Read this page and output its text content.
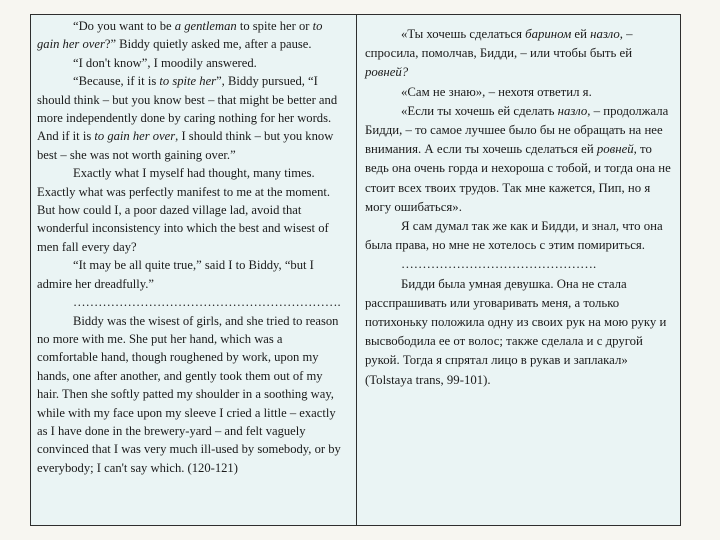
“Do you want to be a gentleman to spite her or to gain her over?” Biddy quietly asked me, after a pause.

“I don't know”, I moodily answered.

“Because, if it is to spite her”, Biddy pursued, “I should think – but you know best – that might be better and more independently done by caring nothing for her words. And if it is to gain her over, I should think – but you know best – she was not worth gaining over.”

Exactly what I myself had thought, many times. Exactly what was perfectly manifest to me at the moment. But how could I, a poor dazed village lad, avoid that wonderful inconsistency into which the best and wisest of men fall every day?

“It may be all quite true,” said I to Biddy, “but I admire her dreadfully.”

……………………………………………………….

Biddy was the wisest of girls, and she tried to reason no more with me. She put her hand, which was a comfortable hand, though roughened by work, upon my hands, one after another, and gently took them out of my hair. Then she softly patted my shoulder in a soothing way, while with my face upon my sleeve I cried a little – exactly as I have done in the brewery-yard – and felt vaguely convinced that I was very much ill-used by somebody, or by everybody; I can't say which. (120-121)

«Ты хочешь сделаться барином ей назло, – спросила, помолчав, Бидди, – или чтобы быть ей ровней?

«Сам не знаю», – нехотя ответил я.

«Если ты хочешь ей сделать назло, – продолжала Бидди, – то самое лучшее было бы не обращать на нее внимания. А если ты хочешь сделаться ей ровней, то ведь она очень горда и нехороша с тобой, и тогда она не стоит всех твоих трудов. Так мне кажется, Пип, но я могу ошибаться».

Я сам думал так же как и Бидди, и знал, что она была права, но мне не хотелось с этим помириться.

……………………………………….

Бидди была умная девушка. Она не стала расспрашивать или уговаривать меня, а только потихоньку положила одну из своих рук на мою руку и высвободила ее от волос; также сделала и с другой рукой. Тогда я спрятал лицо в рукав и заплакал» (Tolstaya trans, 99-101).
